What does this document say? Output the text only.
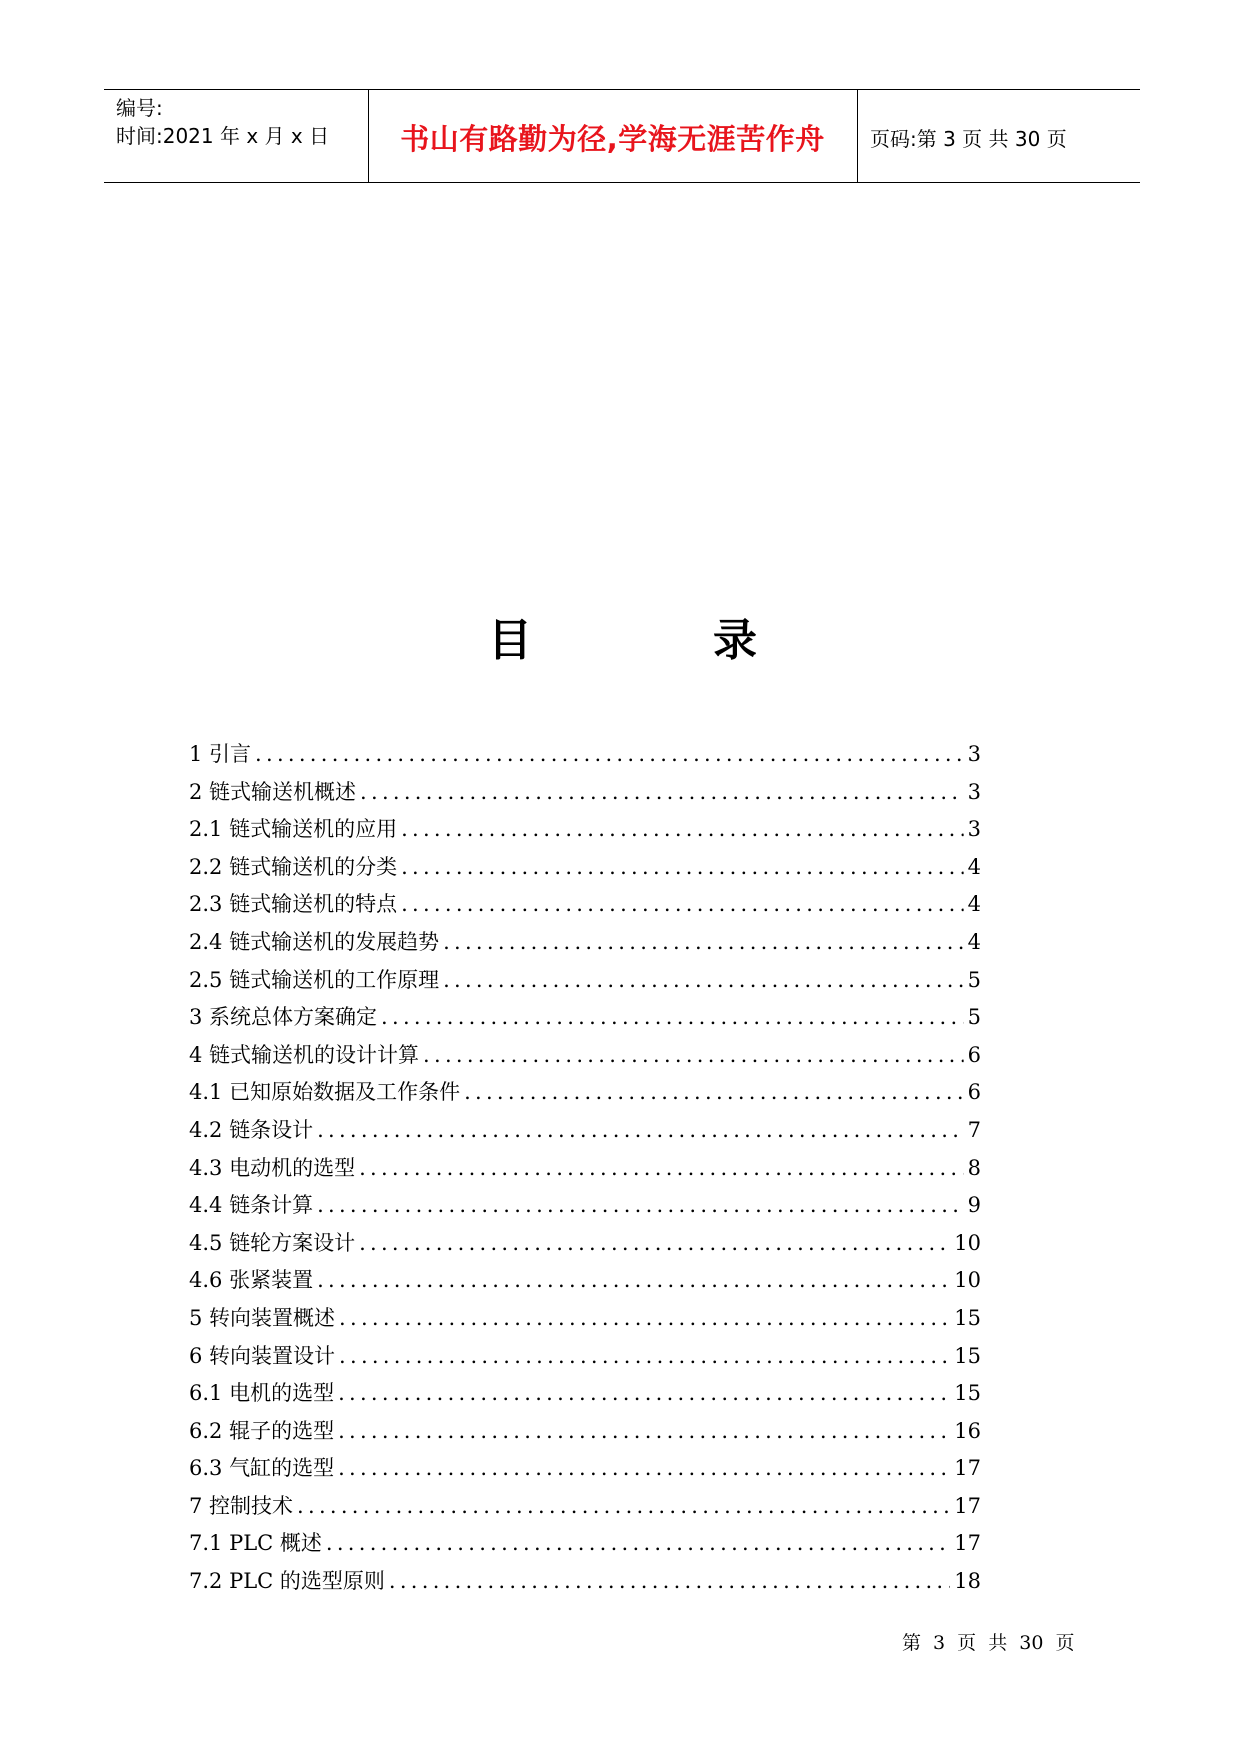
编号:
时间:2021 年 x 月 x 日	书山有路勤为径,学海无涯苦作舟	页码:第 3 页 共 30 页
目	录
1 引言 . . .	3
2 链式输送机概述 . . .	3
2.1 链式输送机的应用 . . .	3
2.2 链式输送机的分类 . . .	4
2.3 链式输送机的特点 . . .	4
2.4 链式输送机的发展趋势 . . .	4
2.5 链式输送机的工作原理 . . .	5
3 系统总体方案确定 . . .	5
4 链式输送机的设计计算 . . .	6
4.1 已知原始数据及工作条件 . . .	6
4.2 链条设计 . . .	7
4.3 电动机的选型 . . .	8
4.4 链条计算 . . .	9
4.5 链轮方案设计 . . .	10
4.6 张紧装置 . . .	10
5 转向装置概述 . . .	15
6 转向装置设计 . . .	15
6.1 电机的选型 . . .	15
6.2 辊子的选型 . . .	16
6.3 气缸的选型 . . .	17
7 控制技术 . . .	17
7.1 PLC 概述 . . .	17
7.2 PLC 的选型原则 . . .	18
第 3 页 共 30 页
